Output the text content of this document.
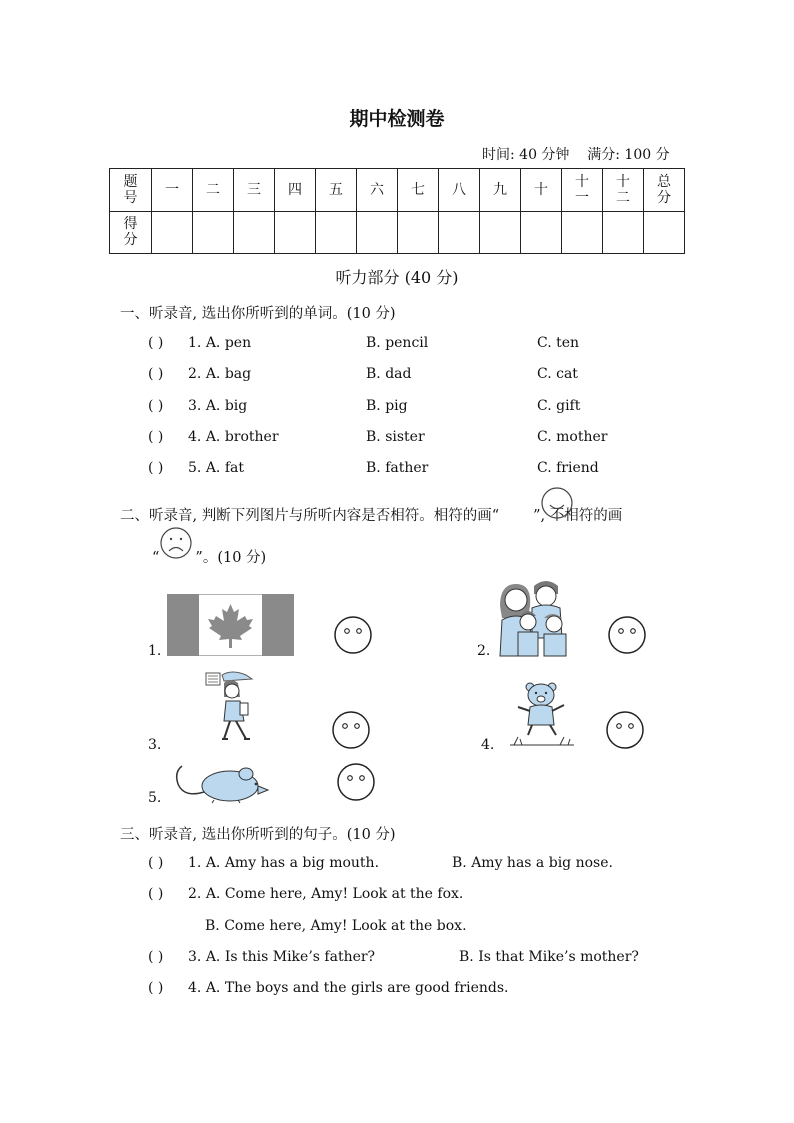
期中检测卷
时间: 40 分钟 满分: 100 分
题号	一	二	三	四	五	六	七	八	九	十	十一	十二	总分
得分													
听力部分 (40 分)
一、听录音, 选出你所听到的单词。(10 分)
( ) 1. A. pen	B. pencil	C. ten
( ) 2. A. bag	B. dad	C. cat
( ) 3. A. big	B. pig	C. gift
( ) 4. A. brother	B. sister	C. mother
( ) 5. A. fat	B. father	C. friend
二、听录音, 判断下列图片与所听内容是否相符。相符的画“ ”, 不相符的画
“ ”。(10 分)
1.	2.
3.	4.
5.
三、听录音, 选出你所听到的句子。(10 分)
( ) 1. A. Amy has a big mouth.	B. Amy has a big nose.
( ) 2. A. Come here, Amy! Look at the fox.
B. Come here, Amy! Look at the box.
( ) 3. A. Is this Mike’s father?	B. Is that Mike’s mother?
( ) 4. A. The boys and the girls are good friends.
